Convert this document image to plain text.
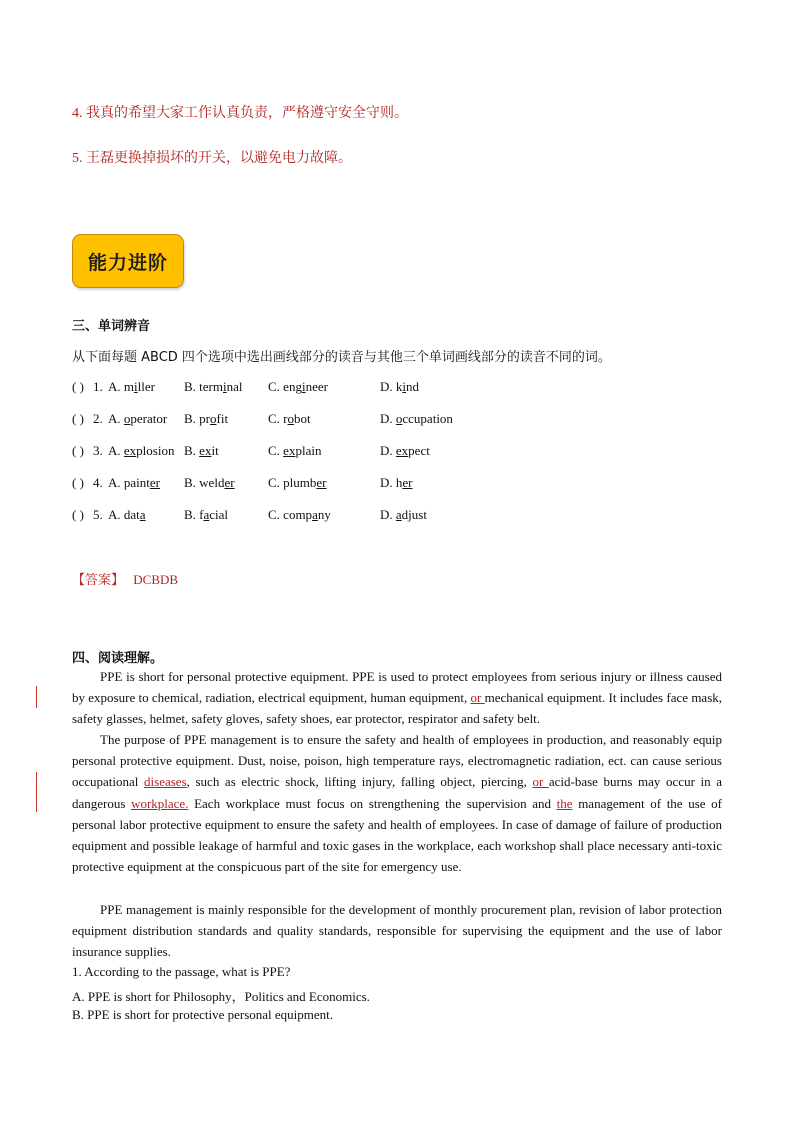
4. 我真的希望大家工作认真负责，严格遵守安全守则。
5. 王磊更换掉损坏的开关，以避免电力故障。
能力进阶
三、单词辨音
从下面每题 ABCD 四个选项中选出画线部分的读音与其他三个单词画线部分的读音不同的词。
( ) 1. A. miller B. terminal C. engineer	D. kind
( ) 2. A. operator B. profit	C. robot	D. occupation
( ) 3. A. explosion B. exit	C. explain	D. expect
( ) 4. A. painter B. welder	C. plumber	D. her
( ) 5. A. data	B. facial	C. company	D. adjust
【答案】 DCBDB
四、阅读理解。

PPE is short for personal protective equipment. PPE is used to protect employees from serious injury or illness caused by exposure to chemical, radiation, electrical equipment, human equipment, or mechanical equipment. It includes face mask, safety glasses, helmet, safety gloves, safety shoes, ear protector, respirator and safety belt.

The purpose of PPE management is to ensure the safety and health of employees in production, and reasonably equip personal protective equipment. Dust, noise, poison, high temperature rays, electromagnetic radiation, ect. can cause serious occupational diseases, such as electric shock, lifting injury, falling object, piercing, or acid-base burns may occur in a dangerous workplace. Each workplace must focus on strengthening the supervision and the management of the use of personal labor protective equipment to ensure the safety and health of employees. In case of damage of failure of production equipment and possible leakage of harmful and toxic gases in the workplace, each workshop shall place necessary anti-toxic protective equipment at the conspicuous part of the site for emergency use.

PPE management is mainly responsible for the development of monthly procurement plan, revision of labor protection equipment distribution standards and quality standards, responsible for supervising the equipment and the use of labor insurance supplies.

1. According to the passage, what is PPE?
A. PPE is short for Philosophy，Politics and Economics.
B. PPE is short for protective personal equipment.
